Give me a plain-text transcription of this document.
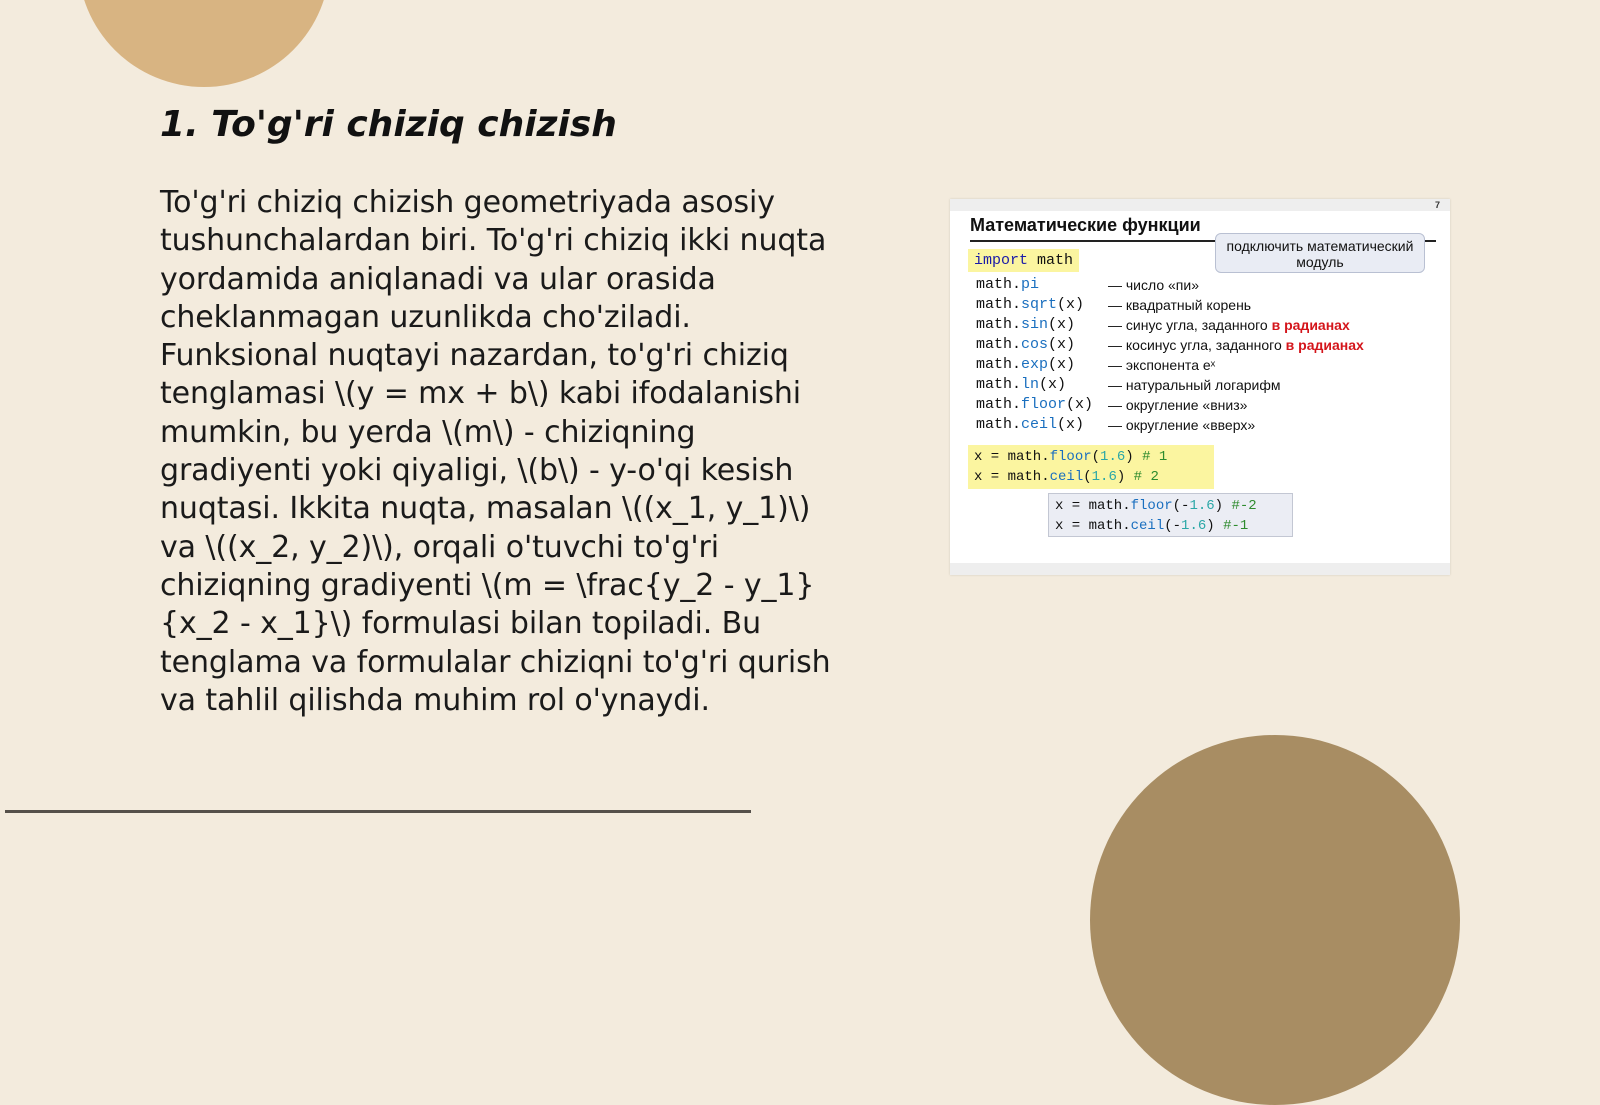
1. To'g'ri chiziq chizish

To'g'ri chiziq chizish geometriyada asosiy tushunchalardan biri. To'g'ri chiziq ikki nuqta yordamida aniqlanadi va ular orasida cheklanmagan uzunlikda cho'ziladi. Funksional nuqtayi nazardan, to'g'ri chiziq tenglamasi \(y = mx + b\) kabi ifodalanishi mumkin, bu yerda \(m\) - chiziqning gradiyenti yoki qiyaligi, \(b\) - y-o'qi kesish nuqtasi. Ikkita nuqta, masalan \((x_1, y_1)\) va \((x_2, y_2)\), orqali o'tuvchi to'g'ri chiziqning gradiyenti \(m = \frac{y_2 - y_1}{x_2 - x_1}\) formulasi bilan topiladi. Bu tenglama va formulalar chiziqni to'g'ri qurish va tahlil qilishda muhim rol o'ynaydi.

7
Математические функции
import math
подключить математический модуль
math.pi	— число «пи»
math.sqrt(x) — квадратный корень
math.sin(x) — синус угла, заданного в радианах
math.cos(x) — косинус угла, заданного в радианах
math.exp(x) — экспонента eˣ
math.ln(x)	— натуральный логарифм
math.floor(x) — округление «вниз»
math.ceil(x) — округление «вверх»
x = math.floor(1.6) # 1
x = math.ceil(1.6) # 2
x = math.floor(-1.6) #-2
x = math.ceil(-1.6) #-1
